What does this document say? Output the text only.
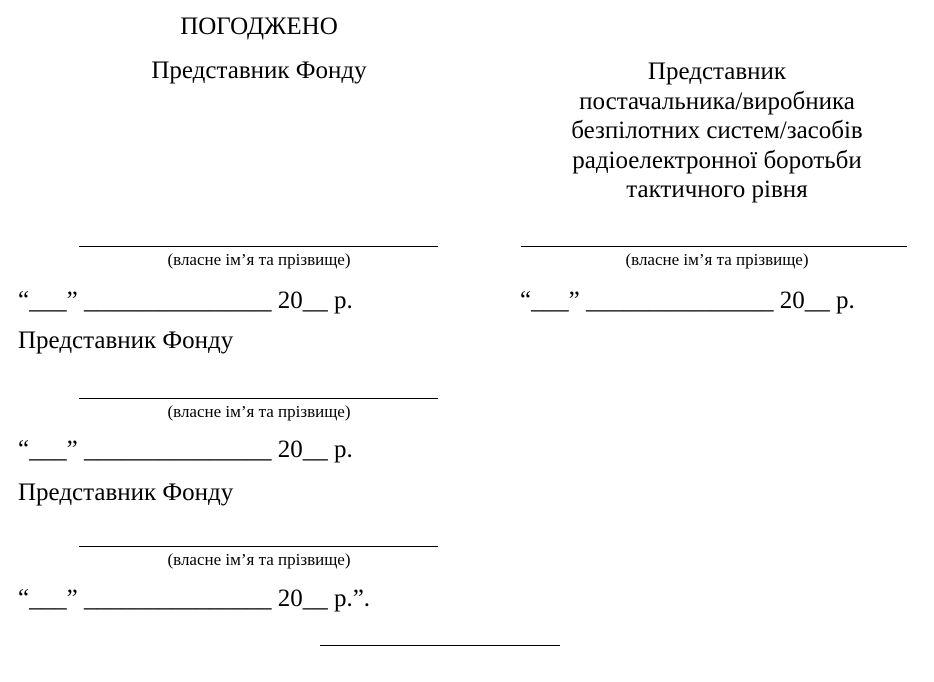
ПОГОДЖЕНО

Представник Фонду	Представник
постачальника/виробника
безпілотних систем/засобів
радіоелектронної боротьби
тактичного рівня

(власне ім’я та прізвище)	(власне ім’я та прізвище)

“___” _______________ 20__ р.	“___” _______________ 20__ р.

Представник Фонду

(власне ім’я та прізвище)

“___” _______________ 20__ р.

Представник Фонду

(власне ім’я та прізвище)

“___” _______________ 20__ р.”.
